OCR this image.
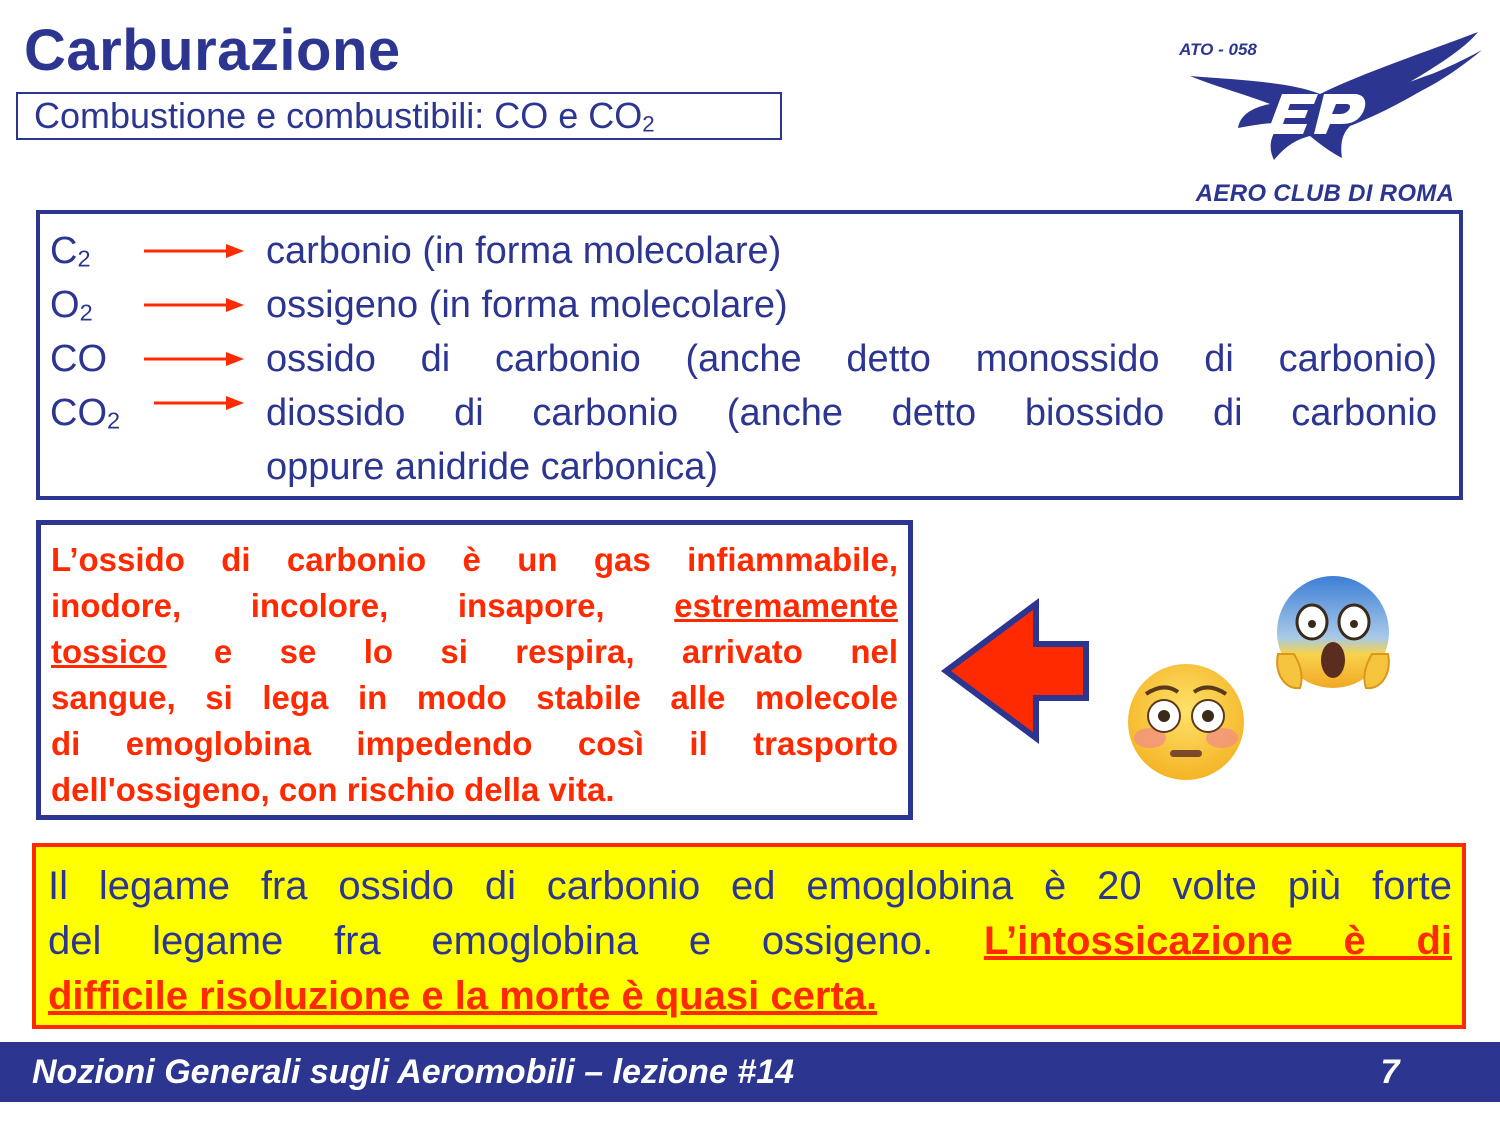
Carburazione
Combustione e combustibili: CO e $CO_2$
ATO - 058
AERO CLUB DI ROMA
$C_2$	carbonio (in forma molecolare)
$O_2$	ossigeno (in forma molecolare)
CO	ossido di carbonio (anche detto monossido di carbonio)
$CO_2$	diossido di carbonio (anche detto biossido di carbonio
oppure anidride carbonica)
L’ossido di carbonio è un gas infiammabile,
inodore, incolore, insapore, estremamente
tossico e se lo si respira, arrivato nel
sangue, si lega in modo stabile alle molecole
di emoglobina impedendo così il trasporto
dell'ossigeno, con rischio della vita.
Il legame fra ossido di carbonio ed emoglobina è 20 volte più forte
del legame fra emoglobina e ossigeno. L’intossicazione è di
difficile risoluzione e la morte è quasi certa.
Nozioni Generali sugli Aeromobili – lezione #14	7
